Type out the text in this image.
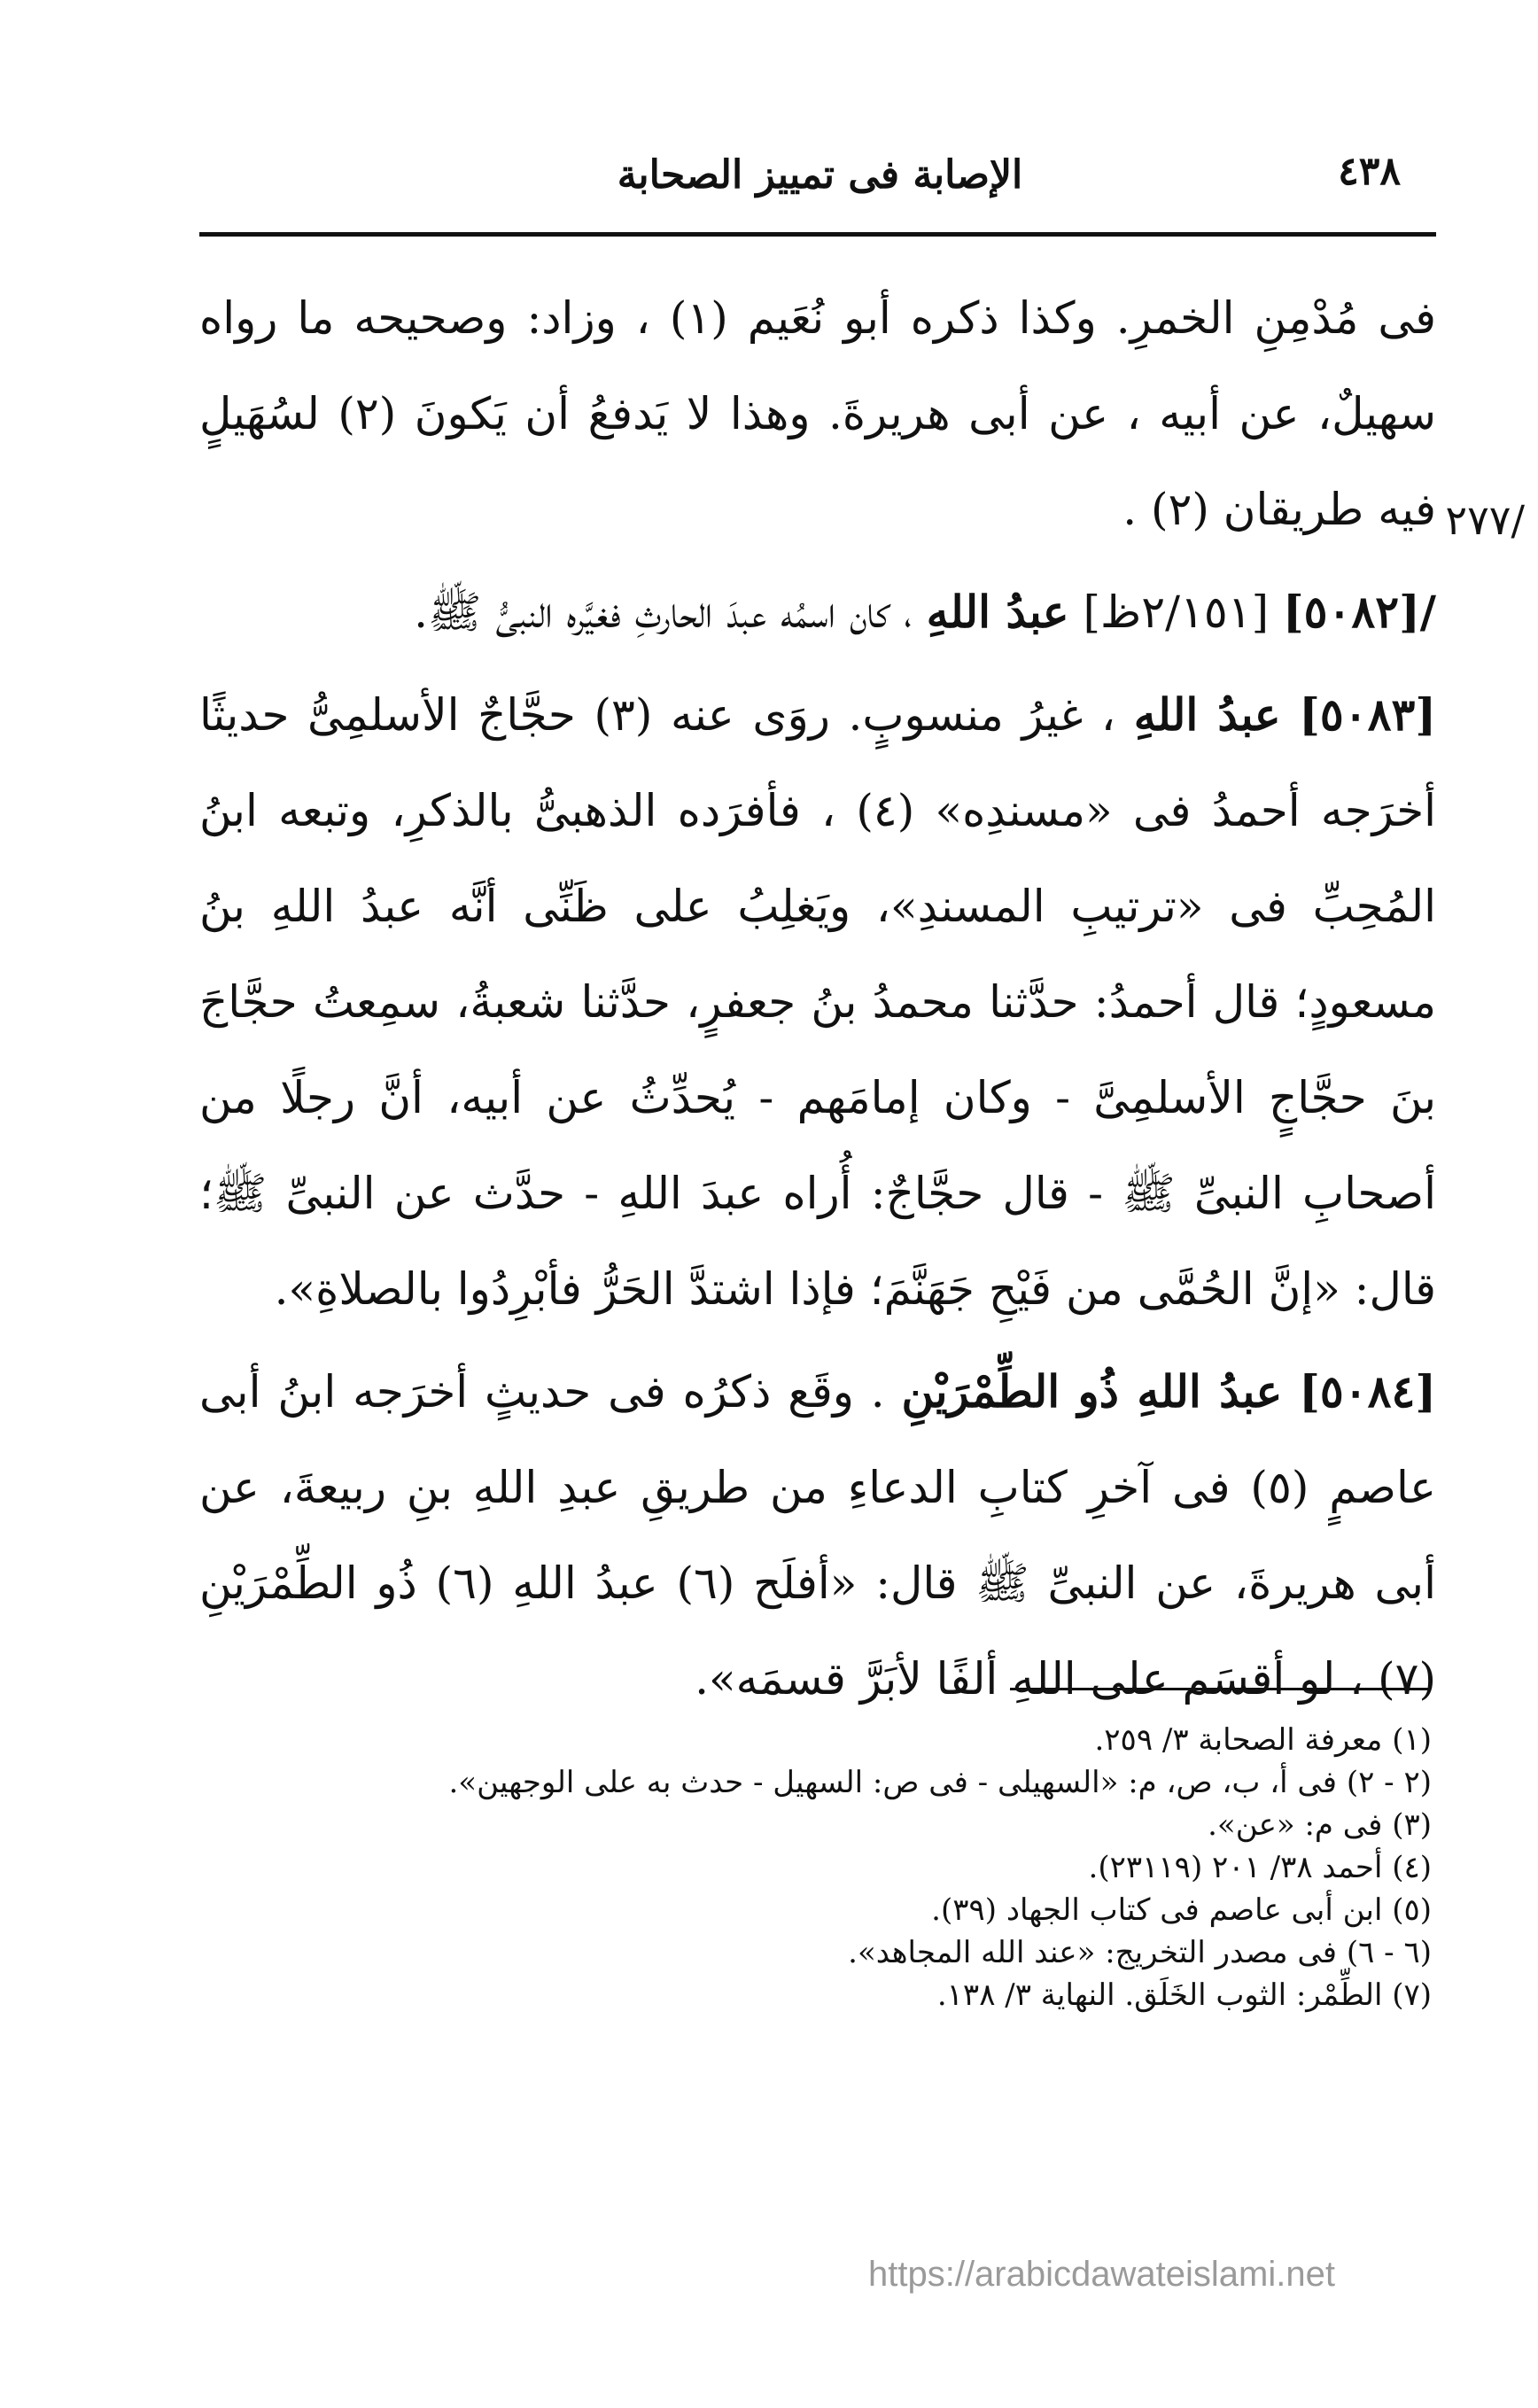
٤٣٨
الإصابة فى تمييز الصحابة
/٢٧٧

فى مُدْمِنِ الخمرِ. وكذا ذكره أبو نُعَيم (١) ، وزاد: وصحيحه ما رواه سهيلٌ، عن أبيه ، عن أبى هريرةَ. وهذا لا يَدفعُ أن يَكونَ (٢) لسُهَيلٍ فيه طريقان (٢) .

/[٥٠٨٢] [٢/١٥١ظ] عبدُ اللهِ ، كان اسمُه عبدَ الحارثِ فغيَّره النبىُّ ﷺ.

[٥٠٨٣] عبدُ اللهِ ، غيرُ منسوبٍ. روَى عنه (٣) حجَّاجٌ الأسلمِىُّ حديثًا أخرَجه أحمدُ فى «مسندِه» (٤) ، فأفرَده الذهبىُّ بالذكرِ، وتبعه ابنُ المُحِبِّ فى «ترتيبِ المسندِ»، ويَغلِبُ على ظَنِّى أنَّه عبدُ اللهِ بنُ مسعودٍ؛ قال أحمدُ: حدَّثنا محمدُ بنُ جعفرٍ، حدَّثنا شعبةُ، سمِعتُ حجَّاجَ بنَ حجَّاجٍ الأسلمِىَّ - وكان إمامَهم - يُحدِّثُ عن أبيه، أنَّ رجلًا من أصحابِ النبىِّ ﷺ - قال حجَّاجٌ: أُراه عبدَ اللهِ - حدَّث عن النبىِّ ﷺ؛ قال: «إنَّ الحُمَّى من فَيْحِ جَهَنَّمَ؛ فإذا اشتدَّ الحَرُّ فأبْرِدُوا بالصلاةِ».

[٥٠٨٤] عبدُ اللهِ ذُو الطِّمْرَيْنِ . وقَع ذكرُه فى حديثٍ أخرَجه ابنُ أبى عاصمٍ (٥) فى آخرِ كتابِ الدعاءِ من طريقِ عبدِ اللهِ بنِ ربيعةَ، عن أبى هريرةَ، عن النبىِّ ﷺ قال: «أفلَح (٦) عبدُ اللهِ (٦) ذُو الطِّمْرَيْنِ (٧) ، لو أقسَم على اللهِ ألفًا لأبَرَّ قسمَه».

(١) معرفة الصحابة ٣/ ٢٥٩.

(٢ - ٢) فى أ، ب، ص، م: «السهيلى - فى ص: السهيل - حدث به على الوجهين».

(٣) فى م: «عن».

(٤) أحمد ٣٨/ ٢٠١ (٢٣١١٩).

(٥) ابن أبى عاصم فى كتاب الجهاد (٣٩).

(٦ - ٦) فى مصدر التخريج: «عند الله المجاهد».

(٧) الطِّمْر: الثوب الخَلَق. النهاية ٣/ ١٣٨.

https://arabicdawateislami.net
